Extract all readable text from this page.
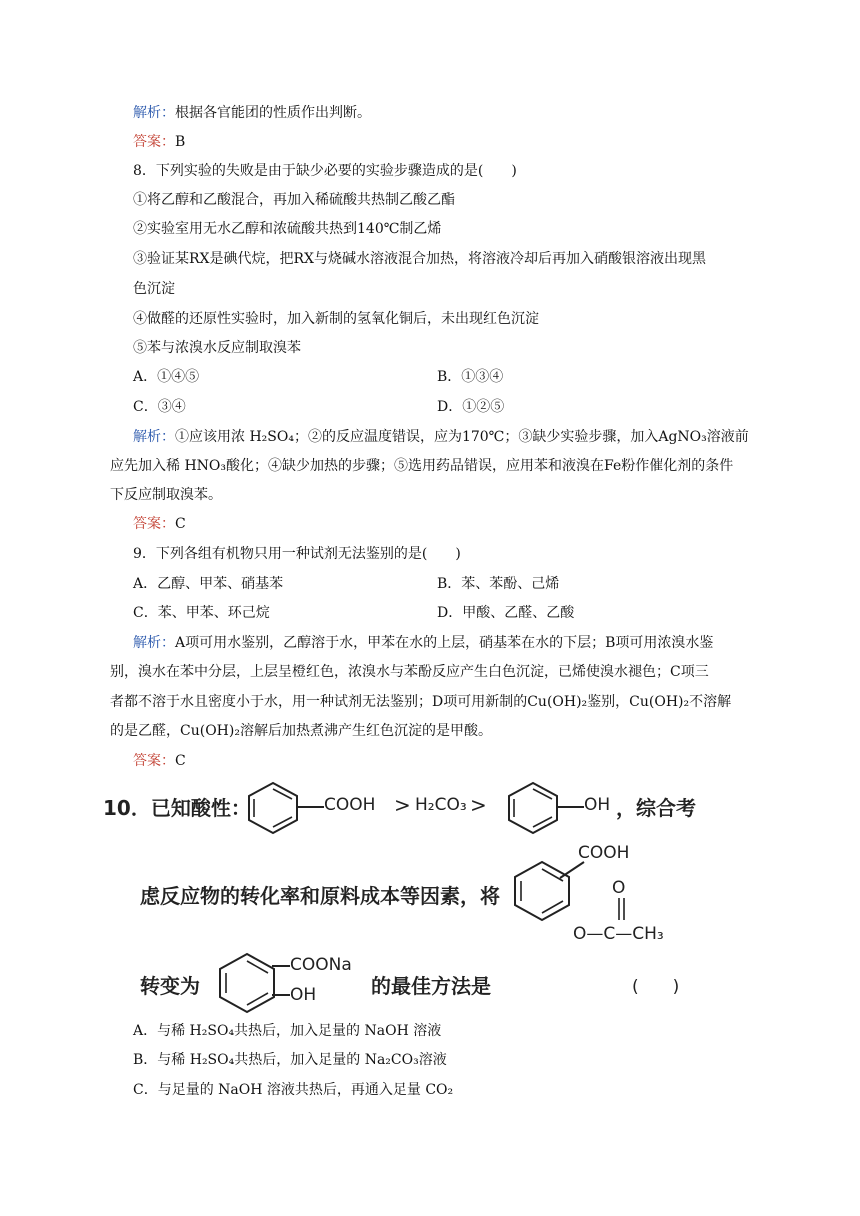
解析：根据各官能团的性质作出判断。
答案：B
8．下列实验的失败是由于缺少必要的实验步骤造成的是(　　)
①将乙醇和乙酸混合，再加入稀硫酸共热制乙酸乙酯
②实验室用无水乙醇和浓硫酸共热到140℃制乙烯
③验证某RX是碘代烷，把RX与烧碱水溶液混合加热，将溶液冷却后再加入硝酸银溶液出现黑
色沉淀
④做醛的还原性实验时，加入新制的氢氧化铜后，未出现红色沉淀
⑤苯与浓溴水反应制取溴苯
A．①④⑤	B．①③④
C．③④	D．①②⑤
解析：①应该用浓 H₂SO₄；②的反应温度错误，应为170℃；③缺少实验步骤，加入AgNO₃溶液前
应先加入稀 HNO₃酸化；④缺少加热的步骤；⑤选用药品错误，应用苯和液溴在Fe粉作催化剂的条件
下反应制取溴苯。
答案：C
9．下列各组有机物只用一种试剂无法鉴别的是(　　)
A．乙醇、甲苯、硝基苯	B．苯、苯酚、己烯
C．苯、甲苯、环己烷	D．甲酸、乙醛、乙酸
解析：A项可用水鉴别，乙醇溶于水，甲苯在水的上层，硝基苯在水的下层；B项可用浓溴水鉴
别，溴水在苯中分层，上层呈橙红色，浓溴水与苯酚反应产生白色沉淀，已烯使溴水褪色；C项三
者都不溶于水且密度小于水，用一种试剂无法鉴别；D项可用新制的Cu(OH)₂鉴别，Cu(OH)₂不溶解
的是乙醛，Cu(OH)₂溶解后加热煮沸产生红色沉淀的是甲酸。
答案：C
10．已知酸性：	COOH > H₂CO₃ >	OH ，综合考
虑反应物的转化率和原料成本等因素，将
COOH
O
O—C—CH₃
转变为
COONa
OH	的最佳方法是	(　　)
A．与稀 H₂SO₄共热后，加入足量的 NaOH 溶液
B．与稀 H₂SO₄共热后，加入足量的 Na₂CO₃溶液
C．与足量的 NaOH 溶液共热后，再通入足量 CO₂
